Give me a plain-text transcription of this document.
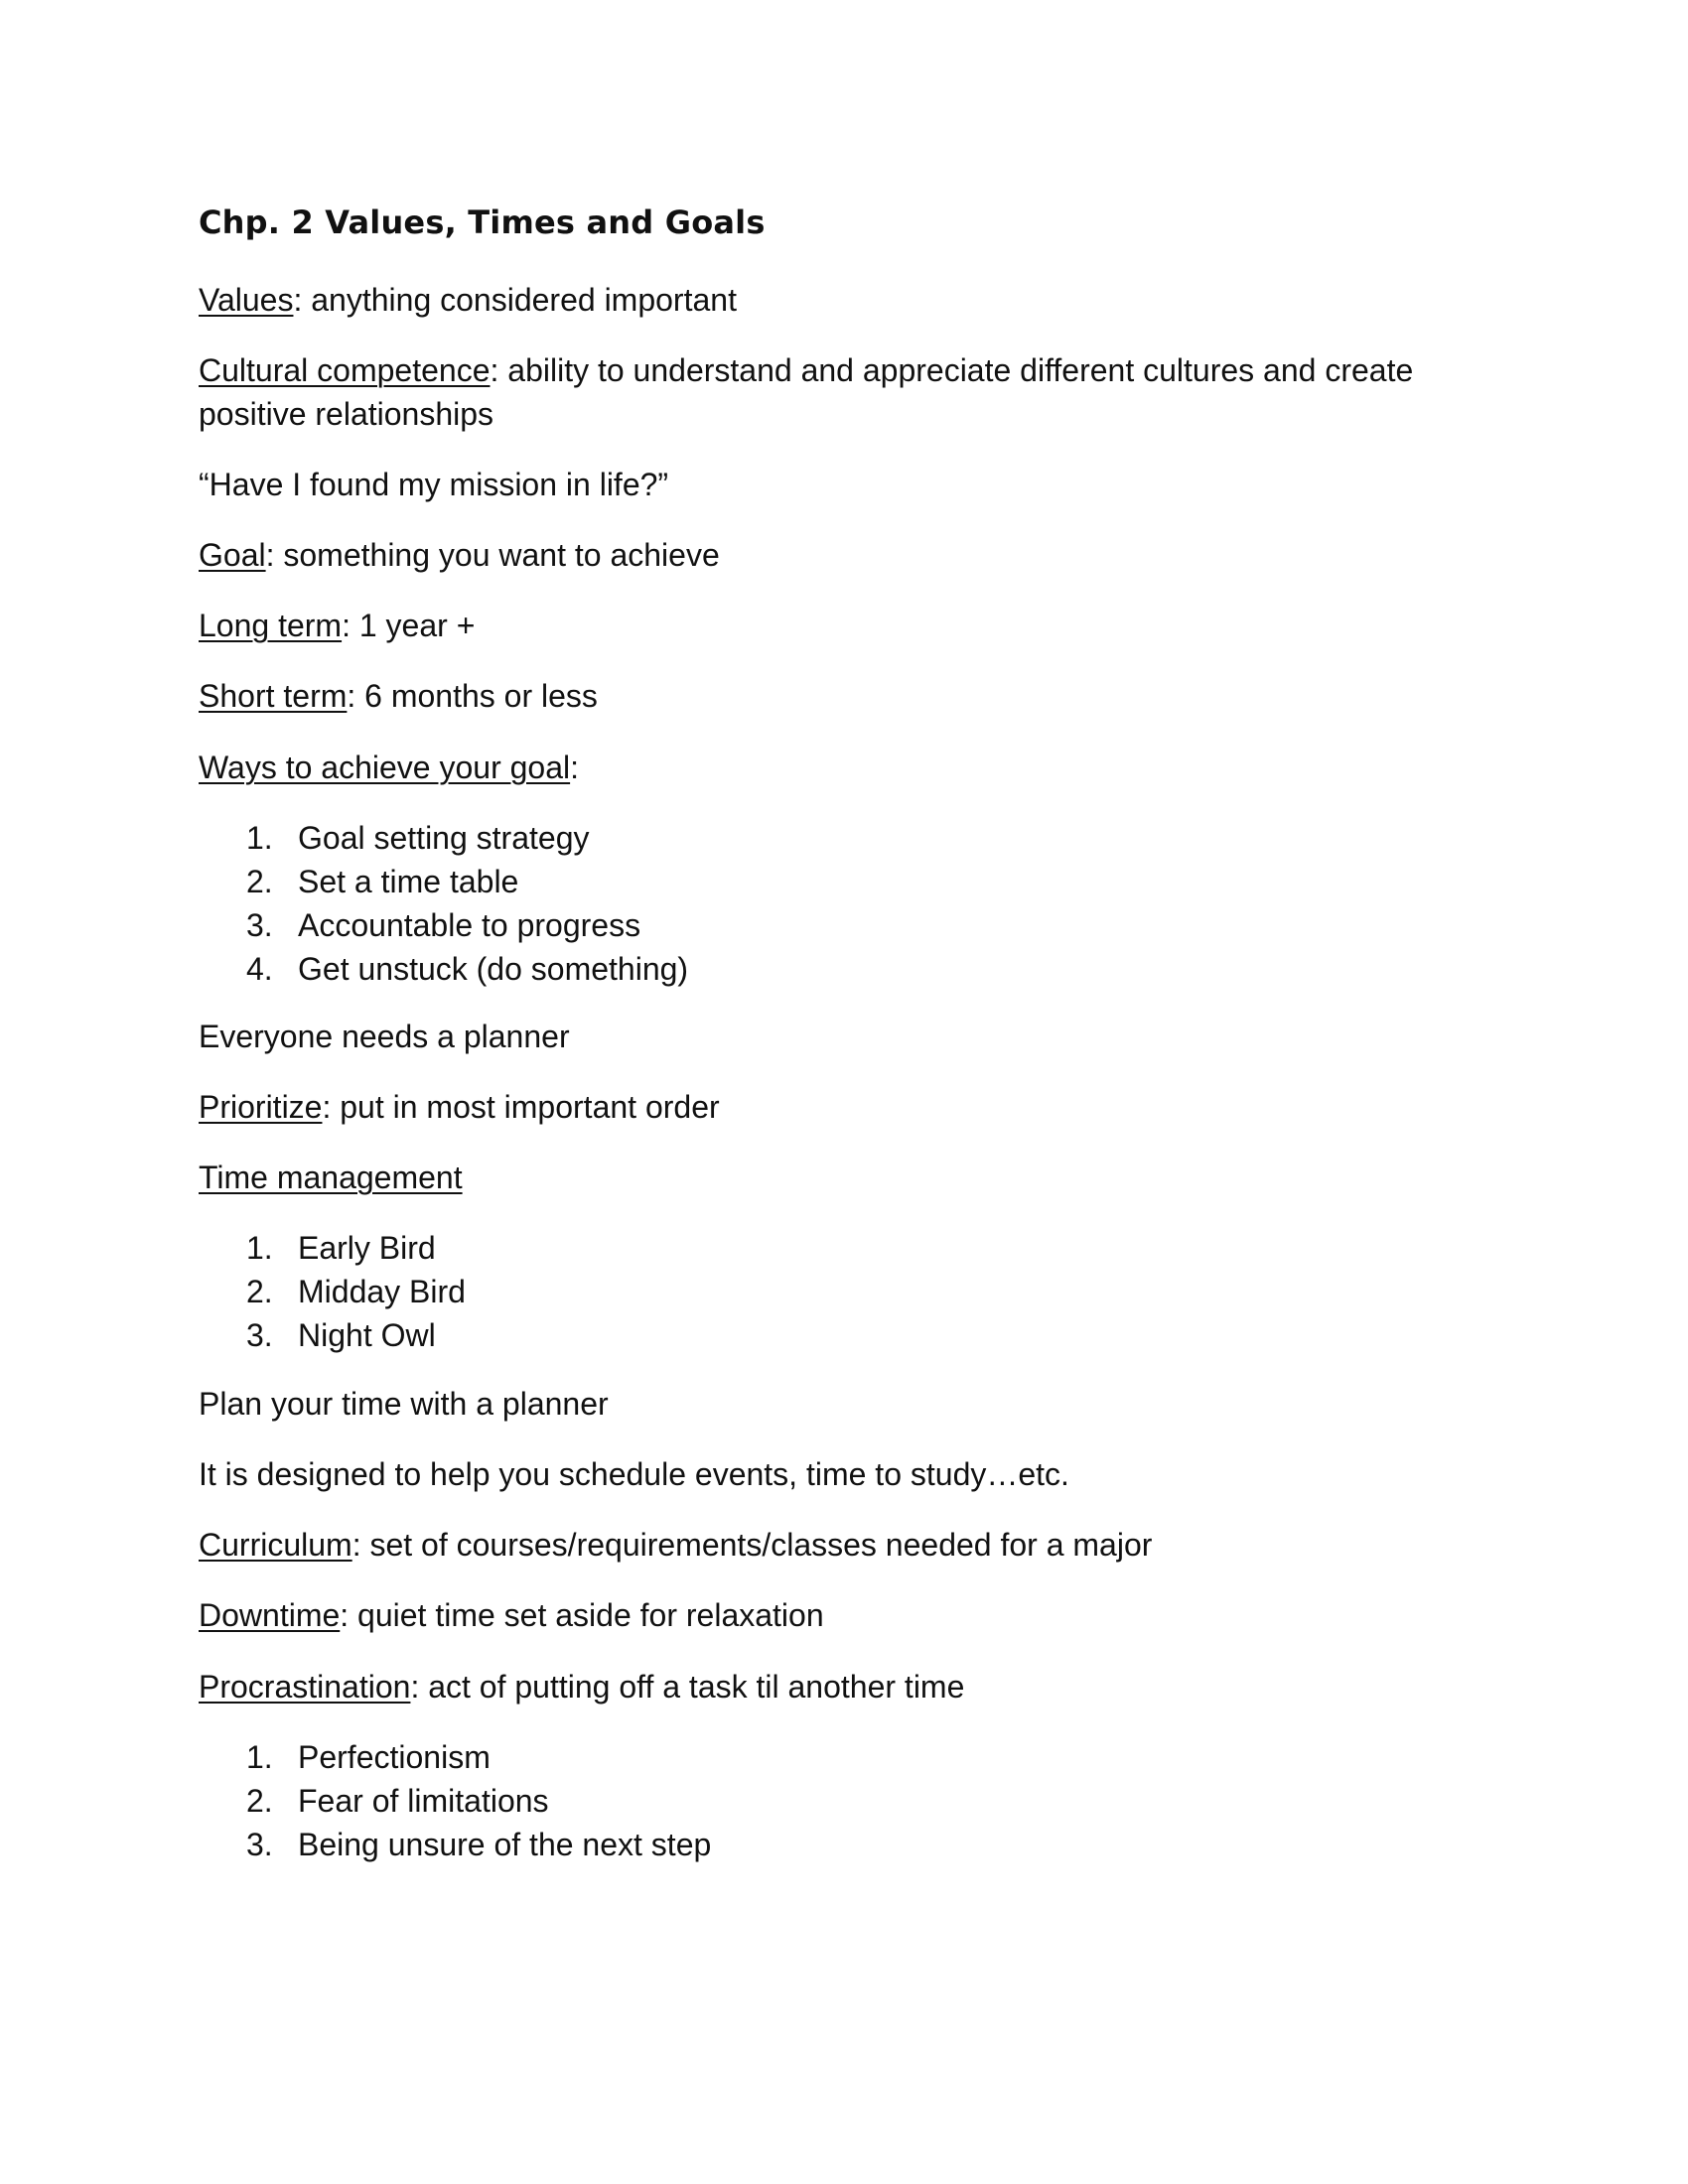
Chp. 2 Values, Times and Goals

Values: anything considered important

Cultural competence: ability to understand and appreciate different cultures and create positive relationships

“Have I found my mission in life?”

Goal: something you want to achieve

Long term: 1 year +

Short term: 6 months or less

Ways to achieve your goal:

1. Goal setting strategy
2. Set a time table
3. Accountable to progress
4. Get unstuck (do something)

Everyone needs a planner

Prioritize: put in most important order

Time management

1. Early Bird
2. Midday Bird
3. Night Owl

Plan your time with a planner

It is designed to help you schedule events, time to study…etc.

Curriculum: set of courses/requirements/classes needed for a major

Downtime: quiet time set aside for relaxation

Procrastination: act of putting off a task til another time

1. Perfectionism
2. Fear of limitations
3. Being unsure of the next step
